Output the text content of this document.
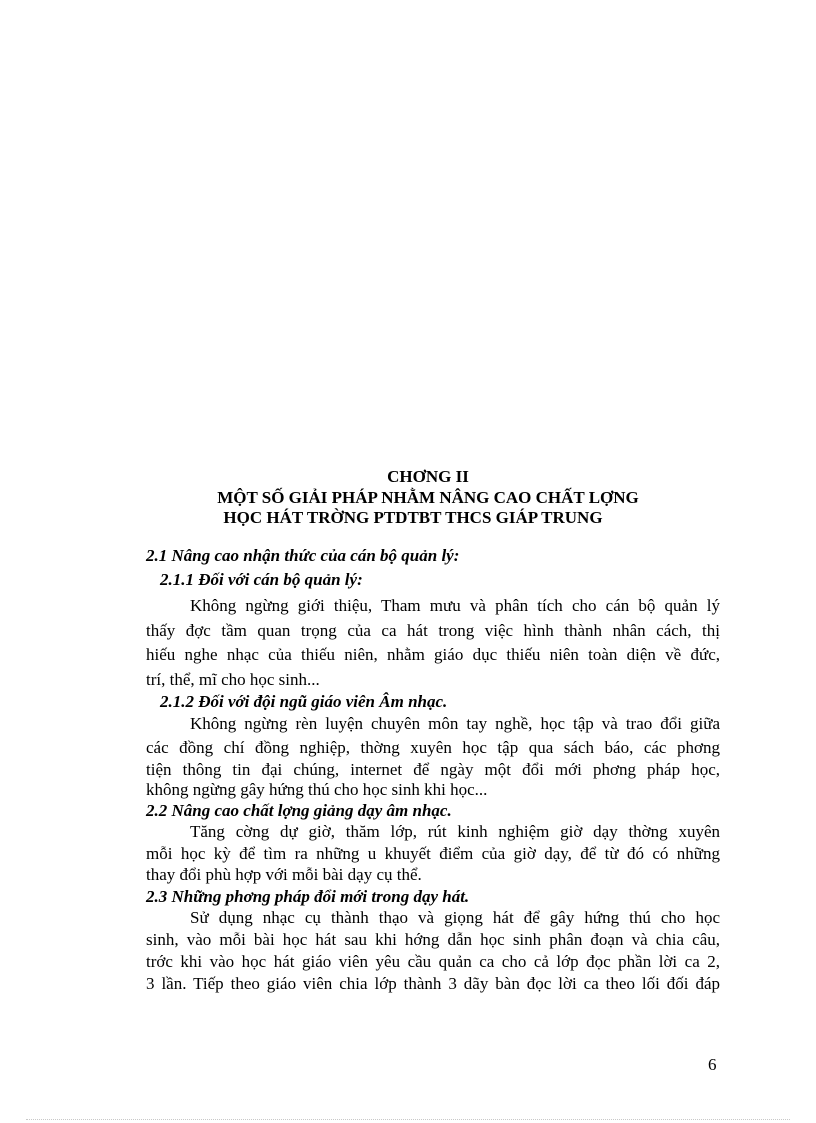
CHƠNG II
MỘT SỐ GIẢI PHÁP NHẰM NÂNG CAO CHẤT LỢNG
HỌC HÁT TRỜNG PTDTBT THCS GIÁP TRUNG
2.1 Nâng cao nhận thức của cán bộ quản lý:
2.1.1 Đối với cán bộ quản lý:
Không ngừng giới thiệu, Tham mưu và phân tích cho cán bộ quản lý
thấy đợc tầm quan trọng của ca hát trong việc hình thành nhân cách, thị
hiếu nghe nhạc của thiếu niên, nhằm giáo dục thiếu niên toàn diện về đức,
trí, thể, mĩ cho học sinh...
2.1.2 Đối với đội ngũ giáo viên Âm nhạc.
Không ngừng rèn luyện chuyên môn tay nghề, học tập và trao đổi giữa
các đồng chí đồng nghiệp, thờng xuyên học tập qua sách báo, các phơng
tiện thông tin đại chúng, internet để ngày một đổi mới phơng pháp học,
không ngừng gây hứng thú cho học sinh khi học...
2.2 Nâng cao chất lợng giảng dạy âm nhạc.
Tăng cờng dự giờ, thăm lớp, rút kinh nghiệm giờ dạy thờng xuyên
mỗi học kỳ để tìm ra những u khuyết điểm của giờ dạy, để từ đó có những
thay đổi phù hợp với mỗi bài dạy cụ thể.
2.3 Những phơng pháp đổi mới trong dạy hát.
Sử dụng nhạc cụ thành thạo và giọng hát để gây hứng thú cho học
sinh, vào mỗi bài học hát sau khi hớng dẫn học sinh phân đoạn và chia câu,
trớc khi vào học hát giáo viên yêu cầu quản ca cho cả lớp đọc phần lời ca 2,
3 lần. Tiếp theo giáo viên chia lớp thành 3 dãy bàn đọc lời ca theo lối đối đáp
6
